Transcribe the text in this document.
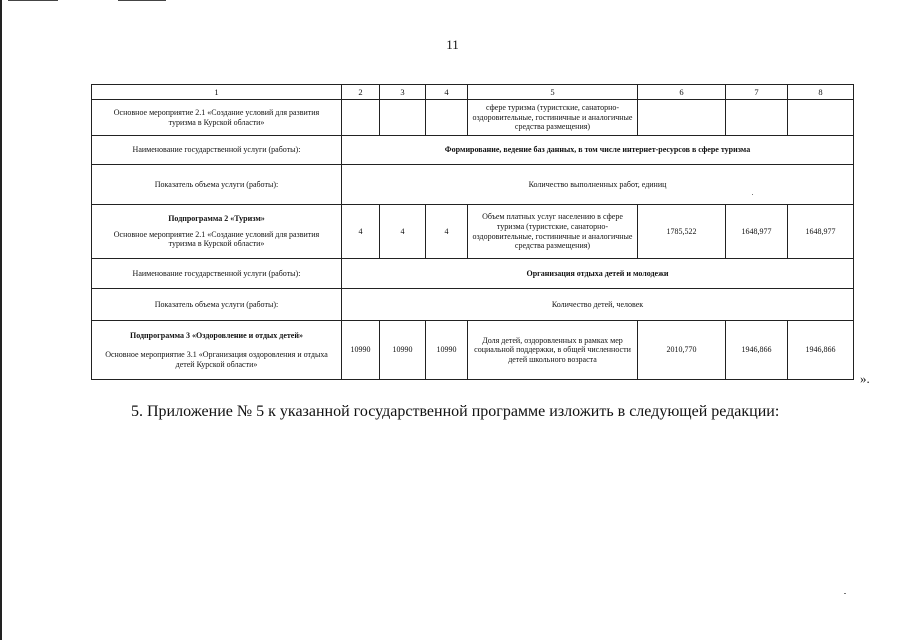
11
1	2	3	4	5	6	7	8
Основное мероприятие 2.1 «Создание условий для развития туризма в Курской области»				сфере туризма (туристские, санаторно-оздоровительные, гостиничные и аналогичные средства размещения)			
Наименование государственной услуги (работы):	Формирование, ведение баз данных, в том числе интернет-ресурсов в сфере туризма						
Показатель объема услуги (работы):	Количество выполненных работ, единиц						

Подпрограмма 2 «Туризм»
Основное мероприятие 2.1 «Создание условий для развития туризма в Курской области»	4	4	4	Объем платных услуг населению в сфере туризма (туристские, санаторно-оздоровительные, гостиничные и аналогичные средства размещения)	1785,522	1648,977	1648,977
Наименование государственной услуги (работы):	Организация отдыха детей и молодежи						
Показатель объема услуги (работы):	Количество детей, человек						

Подпрограмма 3 «Оздоровление и отдых детей»
Основное мероприятие 3.1 «Организация оздоровления и отдыха детей Курской области»	10990	10990	10990	Доля детей, оздоровленных в рамках мер социальной поддержки, в общей численности детей школьного возраста	2010,770	1946,866	1946,866
».
5. Приложение № 5 к указанной государственной программе изложить в следующей редакции:
